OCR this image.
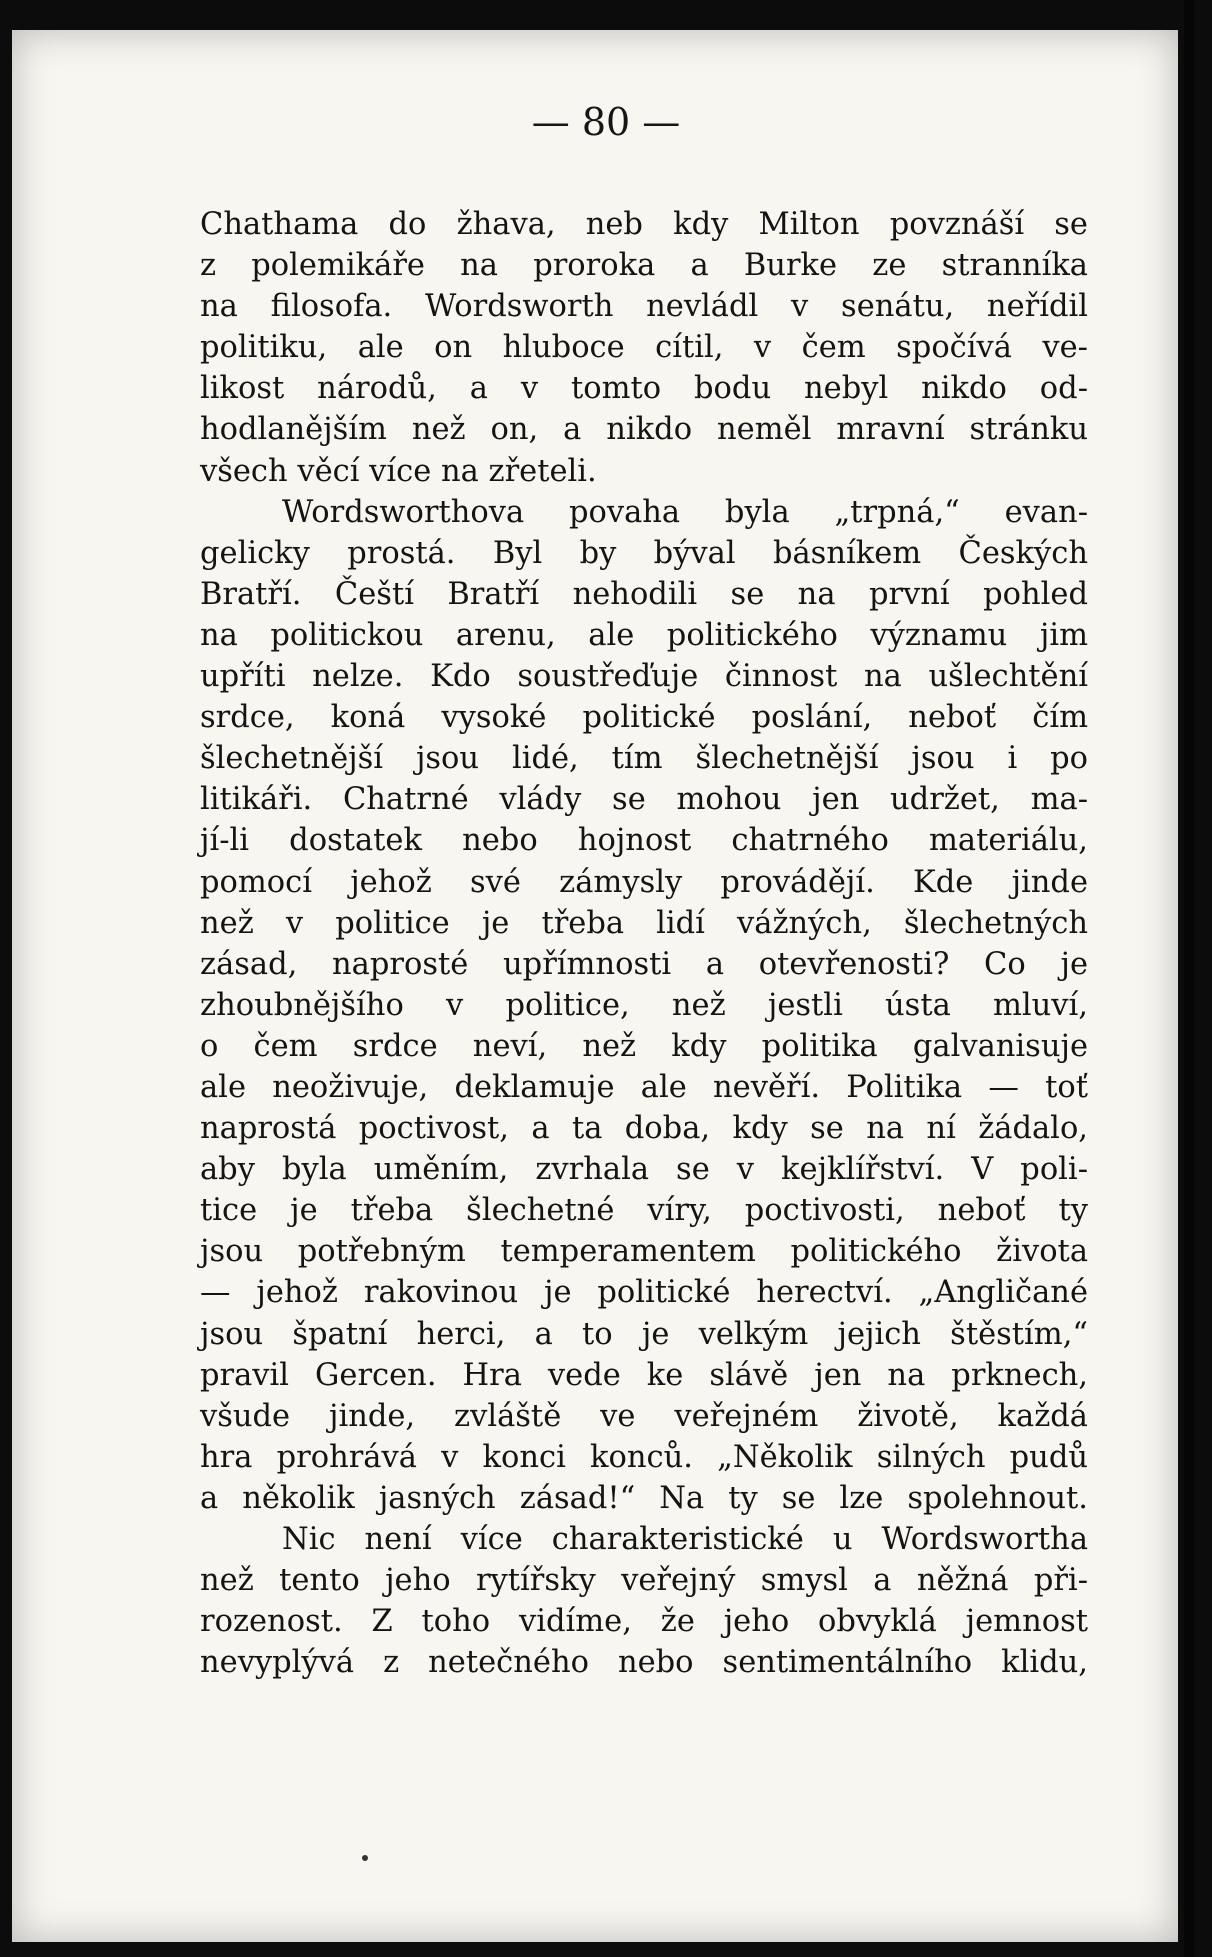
— 80 —
Chathama do žhava, neb kdy Milton povznáší se
z polemikáře na proroka a Burke ze stranníka
na filosofa. Wordsworth nevládl v senátu, neřídil
politiku, ale on hluboce cítil, v čem spočívá ve-
likost národů, a v tomto bodu nebyl nikdo od-
hodlanějším než on, a nikdo neměl mravní stránku
všech věcí více na zřeteli.
Wordsworthova povaha byla „trpná,“ evan-
gelicky prostá. Byl by býval básníkem Českých
Bratří. Čeští Bratří nehodili se na první pohled
na politickou arenu, ale politického významu jim
upříti nelze. Kdo soustřeďuje činnost na ušlechtění
srdce, koná vysoké politické poslání, neboť čím
šlechetnější jsou lidé, tím šlechetnější jsou i po
litikáři. Chatrné vlády se mohou jen udržet, ma-
jí-li dostatek nebo hojnost chatrného materiálu,
pomocí jehož své zámysly provádějí. Kde jinde
než v politice je třeba lidí vážných, šlechetných
zásad, naprosté upřímnosti a otevřenosti? Co je
zhoubnějšího v politice, než jestli ústa mluví,
o čem srdce neví, než kdy politika galvanisuje
ale neoživuje, deklamuje ale nevěří. Politika — toť
naprostá poctivost, a ta doba, kdy se na ní žádalo,
aby byla uměním, zvrhala se v kejklířství. V poli-
tice je třeba šlechetné víry, poctivosti, neboť ty
jsou potřebným temperamentem politického života
— jehož rakovinou je politické herectví. „Angličané
jsou špatní herci, a to je velkým jejich štěstím,“
pravil Gercen. Hra vede ke slávě jen na prknech,
všude jinde, zvláště ve veřejném životě, každá
hra prohrává v konci konců. „Několik silných pudů
a několik jasných zásad!“ Na ty se lze spolehnout.
Nic není více charakteristické u Wordswortha
než tento jeho rytířsky veřejný smysl a něžná při-
rozenost. Z toho vidíme, že jeho obvyklá jemnost
nevyplývá z netečného nebo sentimentálního klidu,
